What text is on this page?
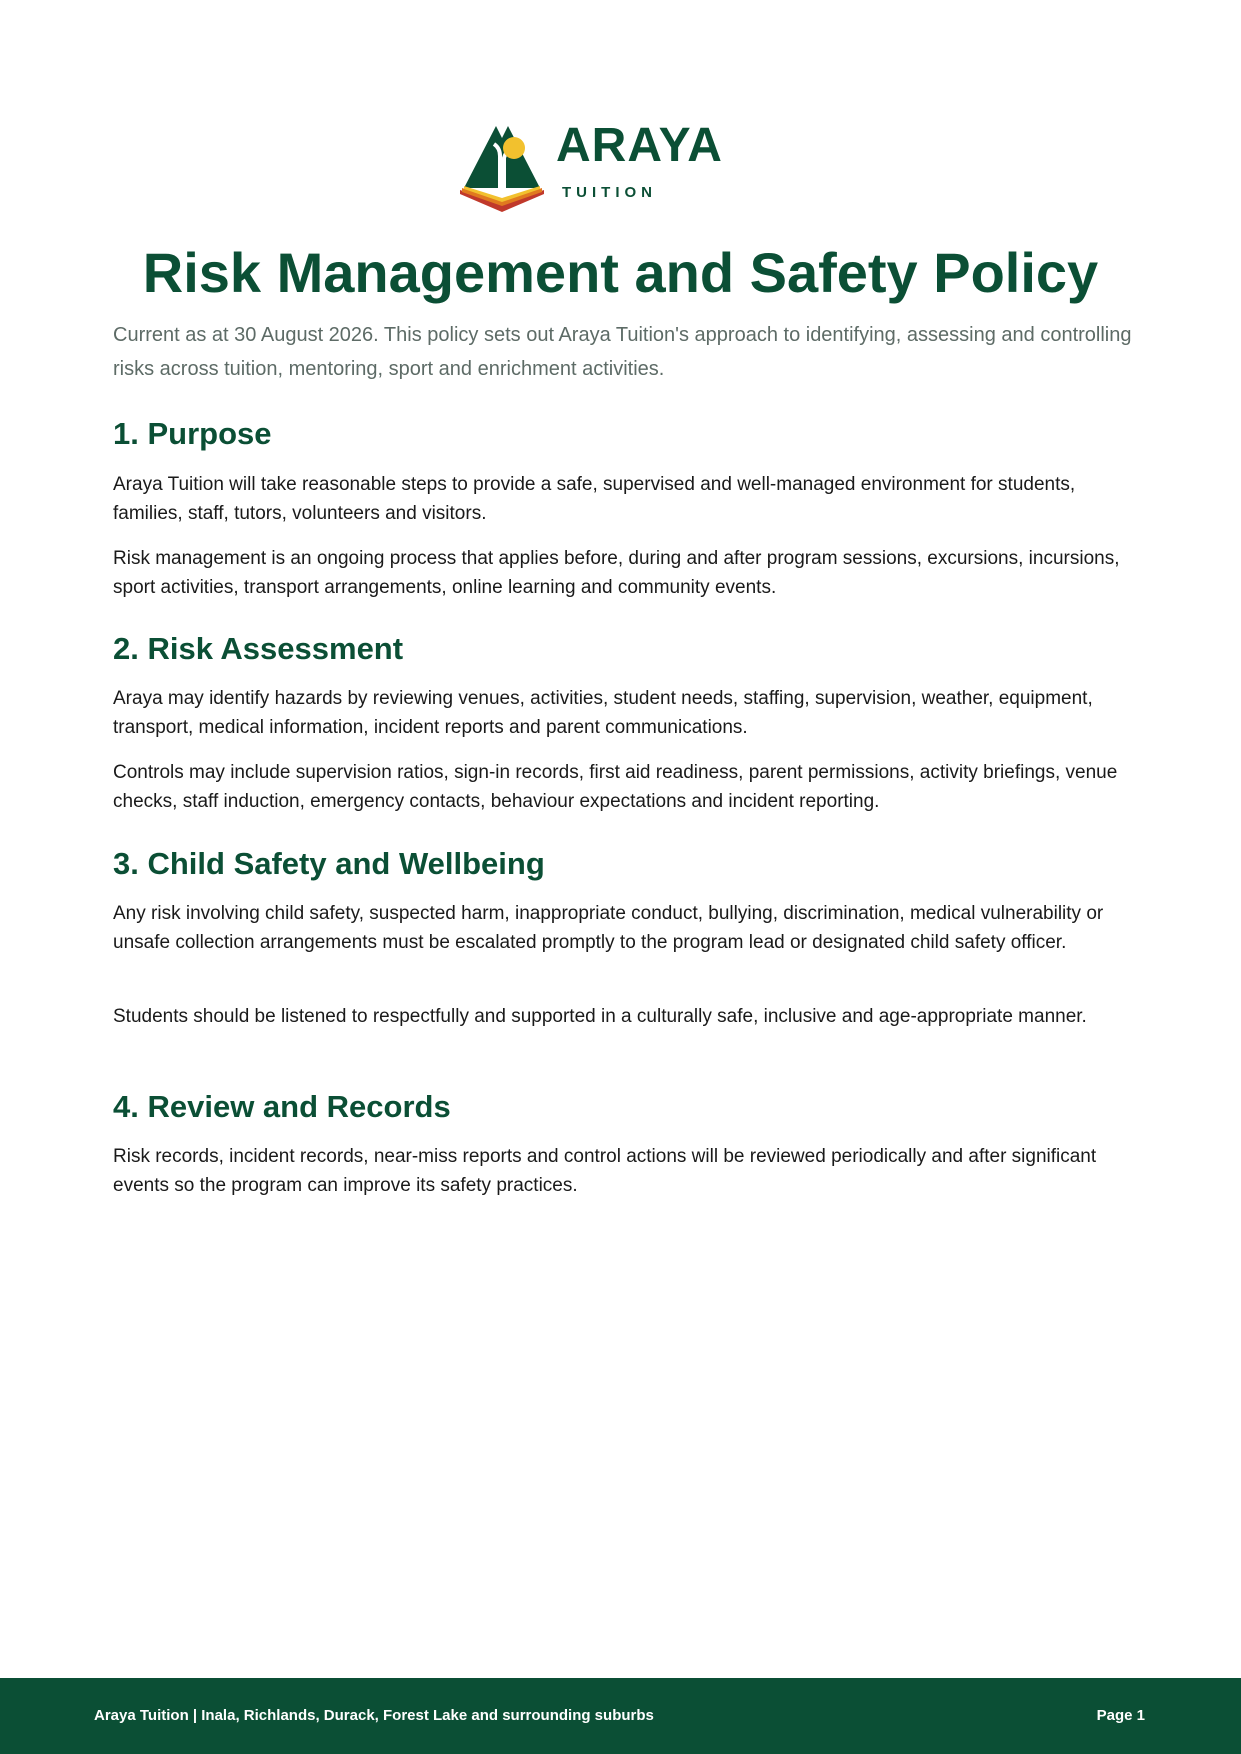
ARAYA
TUITION
Risk Management and Safety Policy

Current as at 30 August 2026. This policy sets out Araya Tuition's approach to identifying, assessing and controlling risks across tuition, mentoring, sport and enrichment activities.

1. Purpose

Araya Tuition will take reasonable steps to provide a safe, supervised and well-managed environment for students, families, staff, tutors, volunteers and visitors.

Risk management is an ongoing process that applies before, during and after program sessions, excursions, incursions, sport activities, transport arrangements, online learning and community events.

2. Risk Assessment

Araya may identify hazards by reviewing venues, activities, student needs, staffing, supervision, weather, equipment, transport, medical information, incident reports and parent communications.

Controls may include supervision ratios, sign-in records, first aid readiness, parent permissions, activity briefings, venue checks, staff induction, emergency contacts, behaviour expectations and incident reporting.

3. Child Safety and Wellbeing

Any risk involving child safety, suspected harm, inappropriate conduct, bullying, discrimination, medical vulnerability or unsafe collection arrangements must be escalated promptly to the program lead or designated child safety officer.

Students should be listened to respectfully and supported in a culturally safe, inclusive and age-appropriate manner.

4. Review and Records

Risk records, incident records, near-miss reports and control actions will be reviewed periodically and after significant events so the program can improve its safety practices.

Araya Tuition | Inala, Richlands, Durack, Forest Lake and surrounding suburbs	Page 1
